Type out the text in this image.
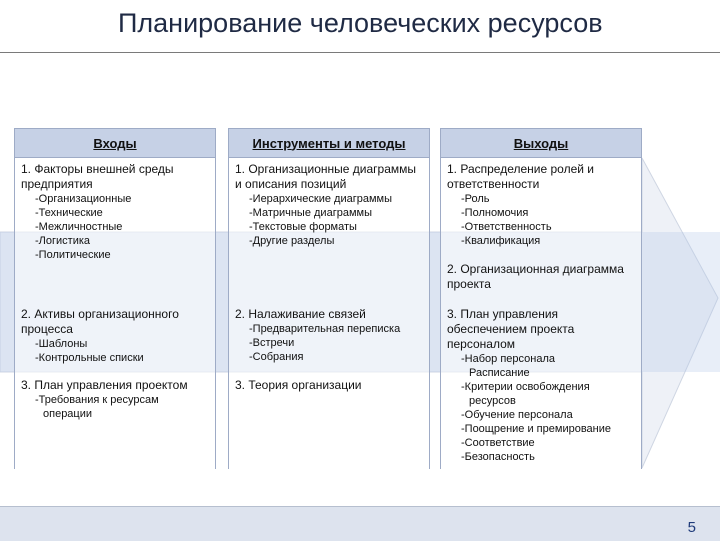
Планирование человеческих ресурсов
Входы
1. Факторы внешней среды предприятия
-Организационные
-Технические
-Межличностные
-Логистика
-Политические
2. Активы организационного процесса
-Шаблоны
-Контрольные списки
3. План управления проектом
-Требования к ресурсам
операции
Инструменты и методы
1. Организационные диаграммы и описания позиций
-Иерархические диаграммы
-Матричные диаграммы
-Текстовые форматы
-Другие разделы
2. Налаживание связей
-Предварительная переписка
-Встречи
-Собрания
3. Теория организации
Выходы
1. Распределение ролей и ответственности
-Роль
-Полномочия
-Ответственность
-Квалификация
2. Организационная диаграмма проекта
3. План управления обеспечением проекта персоналом
-Набор персонала
Расписание
-Критерии освобождения
ресурсов
-Обучение персонала
-Поощрение и премирование
-Соответствие
-Безопасность
5
